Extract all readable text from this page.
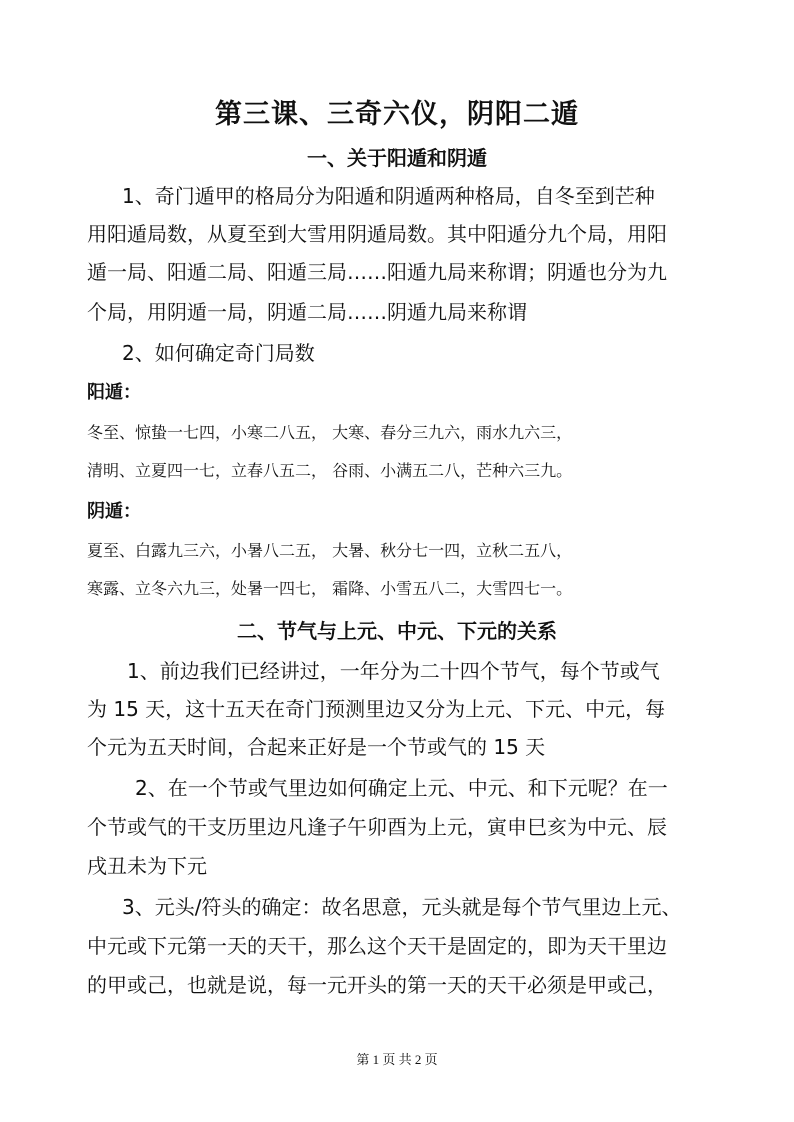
第三课、三奇六仪，阴阳二遁
一、关于阳遁和阴遁
1、奇门遁甲的格局分为阳遁和阴遁两种格局，自冬至到芒种
用阳遁局数，从夏至到大雪用阴遁局数。其中阳遁分九个局，用阳
遁一局、阳遁二局、阳遁三局……阳遁九局来称谓；阴遁也分为九
个局，用阴遁一局，阴遁二局……阴遁九局来称谓
2、如何确定奇门局数
阳遁：
冬至、惊蛰一七四，小寒二八五， 大寒、春分三九六，雨水九六三，
清明、立夏四一七，立春八五二， 谷雨、小满五二八，芒种六三九。
阴遁：
夏至、白露九三六，小暑八二五， 大暑、秋分七一四，立秋二五八，
寒露、立冬六九三，处暑一四七， 霜降、小雪五八二，大雪四七一。
二、节气与上元、中元、下元的关系
1、前边我们已经讲过，一年分为二十四个节气，每个节或气
为 15 天，这十五天在奇门预测里边又分为上元、下元、中元，每
个元为五天时间，合起来正好是一个节或气的 15 天
2、在一个节或气里边如何确定上元、中元、和下元呢？在一
个节或气的干支历里边凡逢子午卯酉为上元，寅申巳亥为中元、辰
戌丑未为下元
3、元头/符头的确定：故名思意，元头就是每个节气里边上元、
中元或下元第一天的天干，那么这个天干是固定的，即为天干里边
的甲或己，也就是说，每一元开头的第一天的天干必须是甲或己，
第 1 页 共 2 页
